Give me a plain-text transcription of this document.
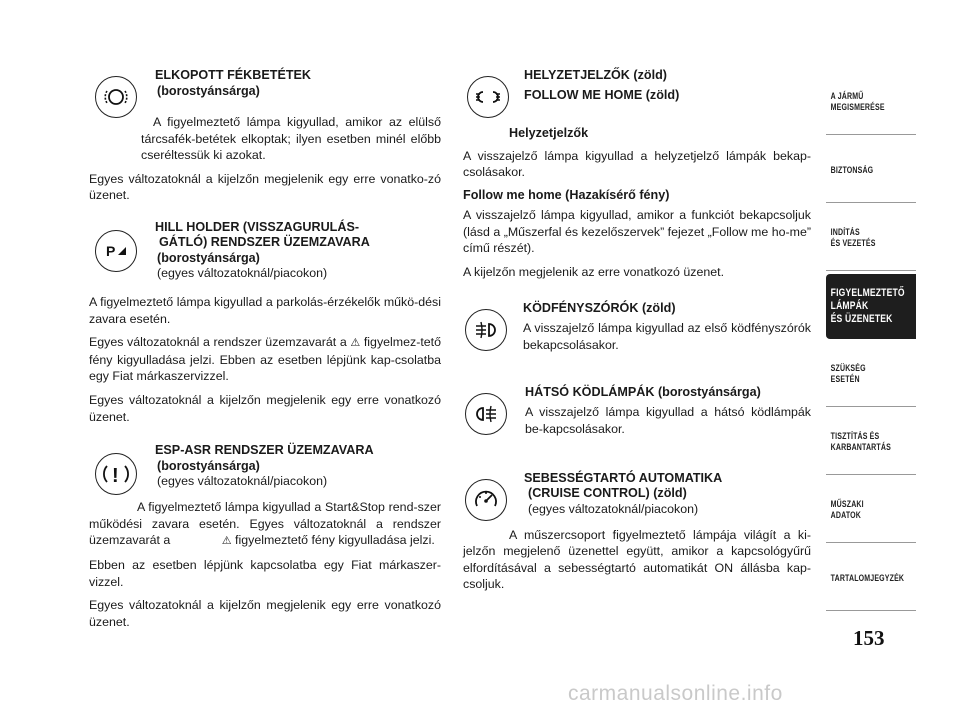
ELKOPOTT FÉKBETÉTEK
(borostyánsárga)

A figyelmeztető lámpa kigyullad, amikor az elülső tárcsafék-betétek elkoptak; ilyen esetben minél előbb cseréltessük ki azokat.

Egyes változatoknál a kijelzőn megjelenik egy erre vonatko-zó üzenet.

P
HILL HOLDER (VISSZAGURULÁS-
GÁTLÓ) RENDSZER ÜZEMZAVARA
(borostyánsárga)
(egyes változatoknál/piacokon)

A figyelmeztető lámpa kigyullad a parkolás-érzékelők műkö-dési zavara esetén.

Egyes változatoknál a rendszer üzemzavarát a ⚠ figyelmez-tető fény kigyulladása jelzi. Ebben az esetben lépjünk kap-csolatba egy Fiat márkaszervizzel.

Egyes változatoknál a kijelzőn megjelenik egy erre vonatkozó üzenet.

!
ESP-ASR RENDSZER ÜZEMZAVARA
(borostyánsárga)
(egyes változatoknál/piacokon)

A figyelmeztető lámpa kigyullad a Start&Stop rend-szer működési zavara esetén. Egyes változatoknál a rendszer üzemzavarát a	⚠ figyelmeztető fény kigyulladása jelzi.

Ebben az esetben lépjünk kapcsolatba egy Fiat márkaszer-vizzel.

Egyes változatoknál a kijelzőn megjelenik egy erre vonatkozó üzenet.

HELYZETJELZŐK (zöld)
FOLLOW ME HOME (zöld)
Helyzetjelzők

A visszajelző lámpa kigyullad a helyzetjelző lámpák bekap-csolásakor.

Follow me home (Hazakísérő fény)

A visszajelző lámpa kigyullad, amikor a funkciót bekapcsoljuk (lásd a „Műszerfal és kezelőszervek” fejezet „Follow me ho-me” című részét).

A kijelzőn megjelenik az erre vonatkozó üzenet.

KÖDFÉNYSZÓRÓK (zöld)
A visszajelző lámpa kigyullad az első ködfényszórók bekapcsolásakor.
HÁTSÓ KÖDLÁMPÁK (borostyánsárga)
A visszajelző lámpa kigyullad a hátsó ködlámpák be-kapcsolásakor.
SEBESSÉGTARTÓ AUTOMATIKA
(CRUISE CONTROL) (zöld)
(egyes változatoknál/piacokon)

A műszercsoport figyelmeztető lámpája világít a ki-jelzőn megjelenő üzenettel együtt, amikor a kapcsológyűrű elfordításával a sebességtartó automatikát ON állásba kap-csoljuk.

A JÁRMŰ
MEGISMERÉSE
BIZTONSÁG
INDÍTÁS
ÉS VEZETÉS
FIGYELMEZTETŐ
LÁMPÁK
ÉS ÜZENETEK
SZÜKSÉG
ESETÉN
TISZTÍTÁS ÉS
KARBANTARTÁS
MŰSZAKI
ADATOK
TARTALOMJEGYZÉK
153
carmanualsonline.info
